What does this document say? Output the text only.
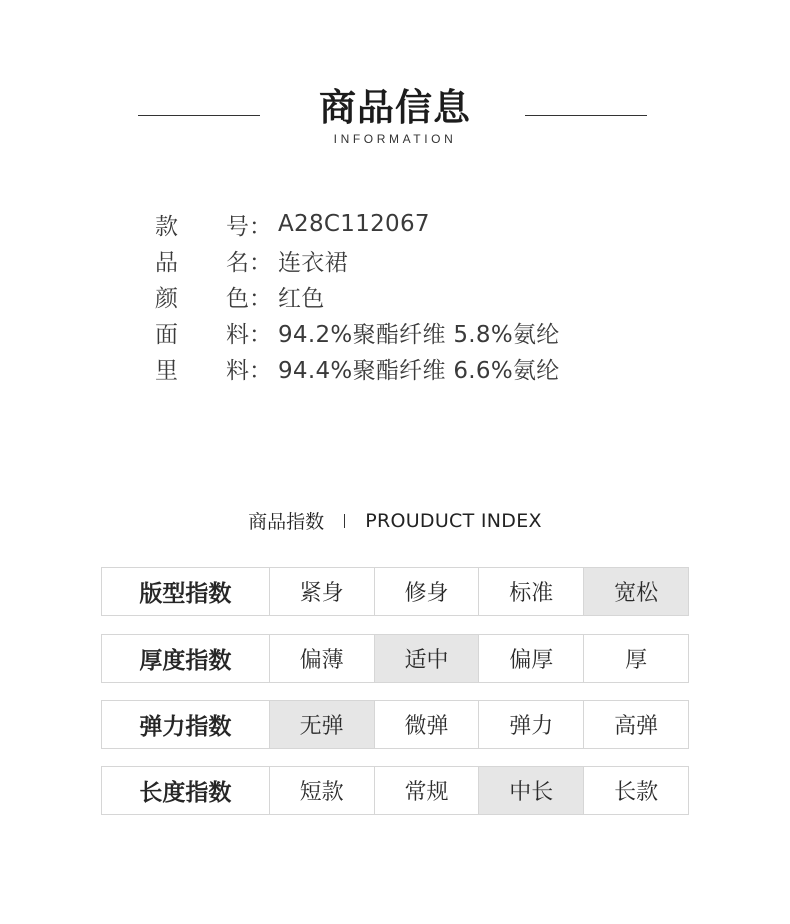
商品信息
INFORMATION
款 号： A28C112067
品 名： 连衣裙
颜 色： 红色
面 料： 94.2%聚酯纤维 5.8%氨纶
里 料： 94.4%聚酯纤维 6.6%氨纶
商品指数 PROUDUCT INDEX
版型指数	紧身	修身	标准	宽松
厚度指数	偏薄	适中	偏厚	厚
弹力指数	无弹	微弹	弹力	高弹
长度指数	短款	常规	中长	长款
